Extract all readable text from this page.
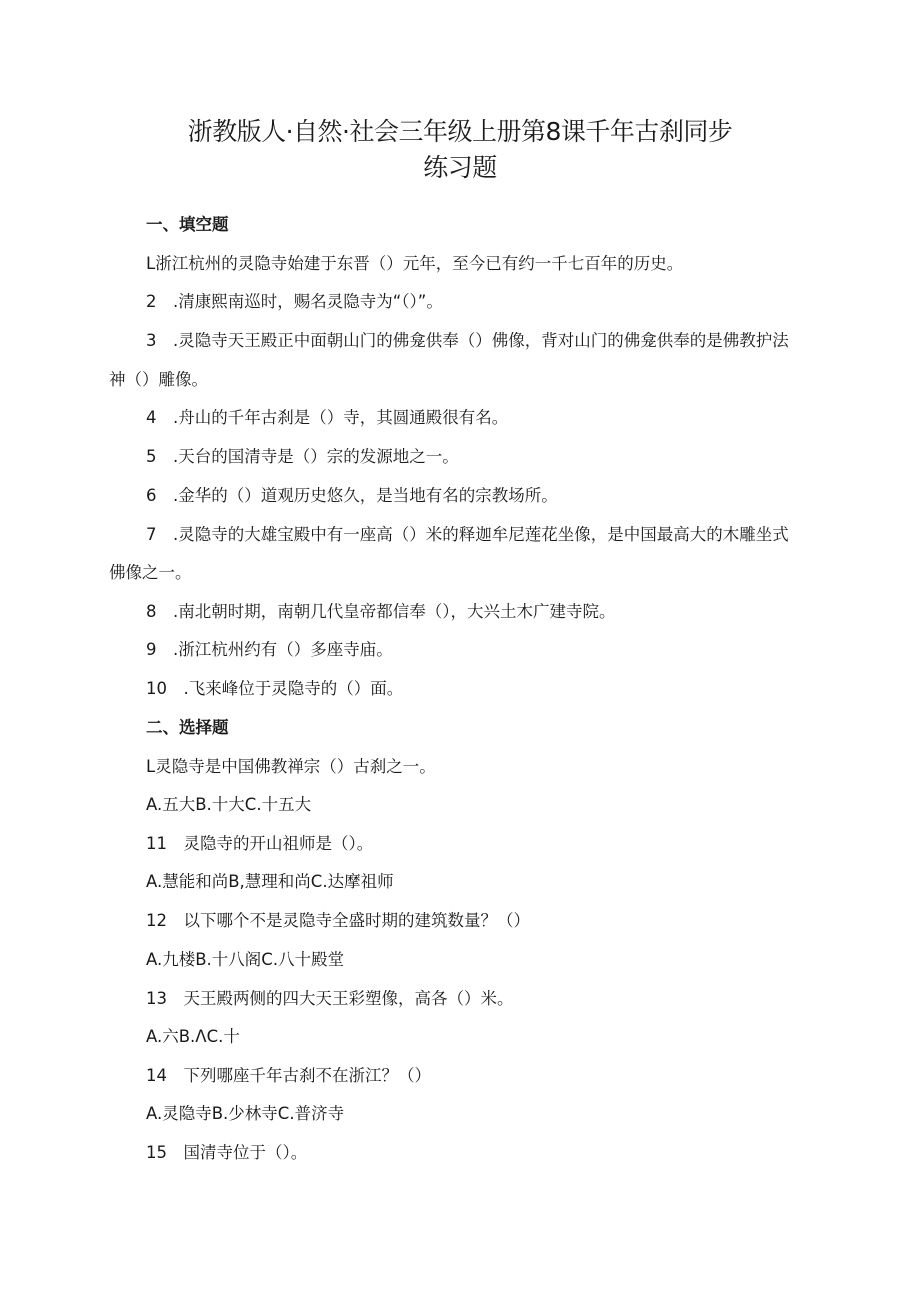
浙教版人·自然·社会三年级上册第8课千年古刹同步
练习题
一、填空题
L浙江杭州的灵隐寺始建于东晋（）元年，至今已有约一千七百年的历史。
2　.清康熙南巡时，赐名灵隐寺为“（）”。
3　.灵隐寺天王殿正中面朝山门的佛龛供奉（）佛像，背对山门的佛龛供奉的是佛教护法
神（）雕像。
4　.舟山的千年古刹是（）寺，其圆通殿很有名。
5　.天台的国清寺是（）宗的发源地之一。
6　.金华的（）道观历史悠久，是当地有名的宗教场所。
7　.灵隐寺的大雄宝殿中有一座高（）米的释迦牟尼莲花坐像，是中国最高大的木雕坐式
佛像之一。
8　.南北朝时期，南朝几代皇帝都信奉（），大兴土木广建寺院。
9　.浙江杭州约有（）多座寺庙。
10　.飞来峰位于灵隐寺的（）面。
二、选择题
L灵隐寺是中国佛教禅宗（）古刹之一。
A.五大B.十大C.十五大
11　灵隐寺的开山祖师是（）。
A.慧能和尚B,慧理和尚C.达摩祖师
12　以下哪个不是灵隐寺全盛时期的建筑数量？（）
A.九楼B.十八阁C.八十殿堂
13　天王殿两侧的四大天王彩塑像，高各（）米。
A.六B.ΛC.十
14　下列哪座千年古刹不在浙江？（）
A.灵隐寺B.少林寺C.普济寺
15　国清寺位于（）。
